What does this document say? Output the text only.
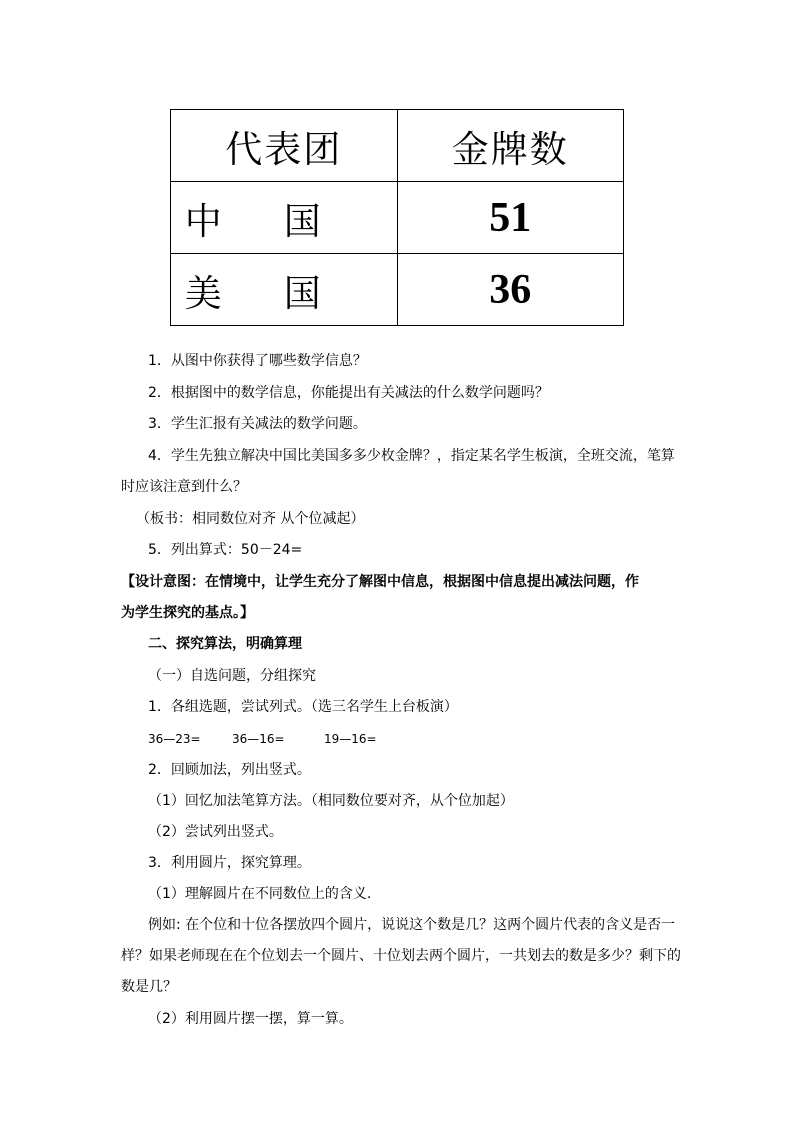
代表团	金牌数
中国	51
美国	36
1．从图中你获得了哪些数学信息？
2．根据图中的数学信息，你能提出有关减法的什么数学问题吗？
3．学生汇报有关减法的数学问题。
4．学生先独立解决中国比美国多多少枚金牌？，指定某名学生板演，全班交流，笔算
时应该注意到什么？
（板书：相同数位对齐 从个位减起）
5．列出算式：50－24=
【设计意图：在情境中，让学生充分了解图中信息，根据图中信息提出减法问题，作
为学生探究的基点。】
二、探究算法，明确算理
（一）自选问题，分组探究
1．各组选题，尝试列式。（选三名学生上台板演）
36—23=	36—16=	19—16=
2．回顾加法，列出竖式。
（1）回忆加法笔算方法。（相同数位要对齐，从个位加起）
（2）尝试列出竖式。
3．利用圆片，探究算理。
（1）理解圆片在不同数位上的含义.
例如: 在个位和十位各摆放四个圆片，说说这个数是几？这两个圆片代表的含义是否一
样？如果老师现在在个位划去一个圆片、十位划去两个圆片，一共划去的数是多少？剩下的
数是几？
（2）利用圆片摆一摆，算一算。
